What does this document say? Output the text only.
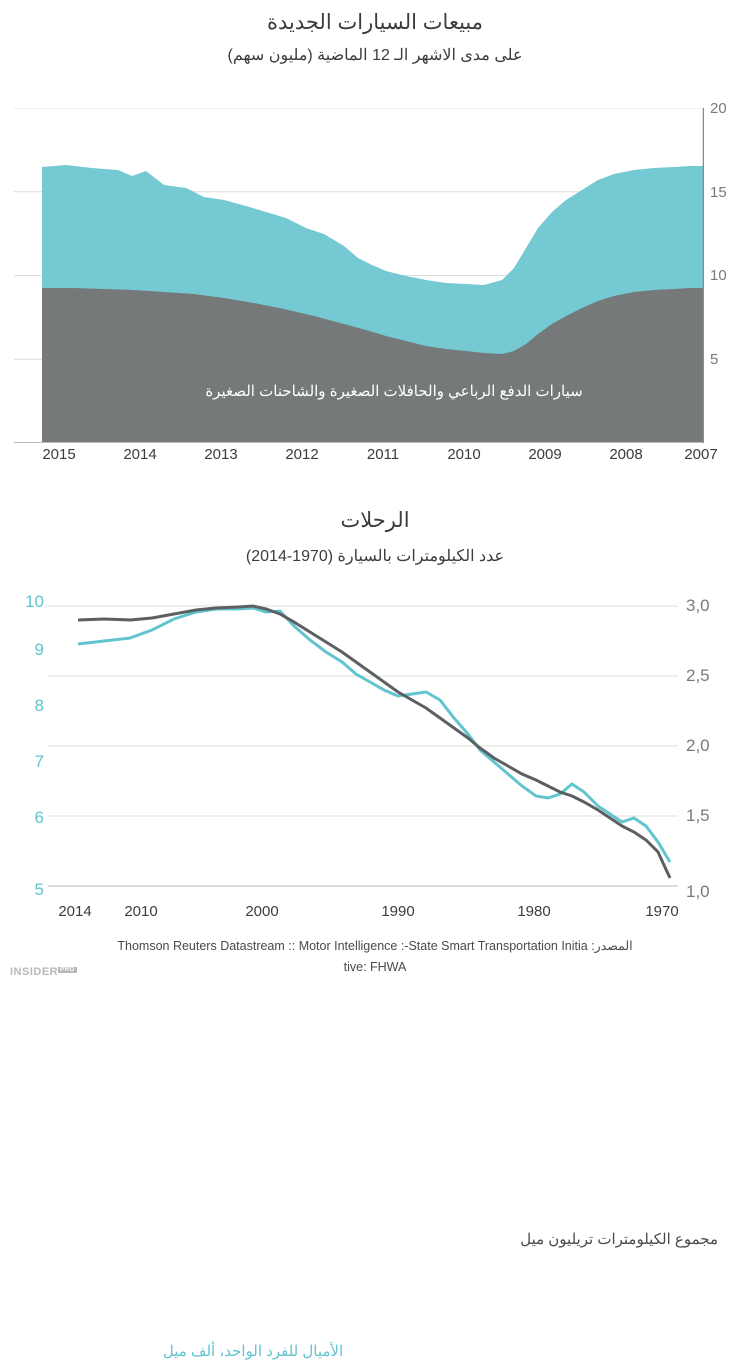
مبيعات السيارات الجديدة
على مدى الاشهر الـ 12 الماضية (مليون سهم)
سيارات الدفع الرباعي والحافلات الصغيرة والشاحنات الصغيرة
السيارات
20
15
10
5
2015	2014	2013	2012	2011	2010	2009	2008	2007
الرحلات
عدد الكيلومترات بالسيارة (1970-2014)
مجموع الكيلومترات تريليون ميل
الأميال للفرد الواحد، ألف ميل
10
9
8
7
6
5
3,0
2,5
2,0
1,5
1,0
2014 2010	2000	1990	1980	1970
المصدر: Thomson Reuters Datastream :: Motor Intelligence :-State Smart Transportation Initia
tive: FHWA
INSIDER $^{PRO}$
